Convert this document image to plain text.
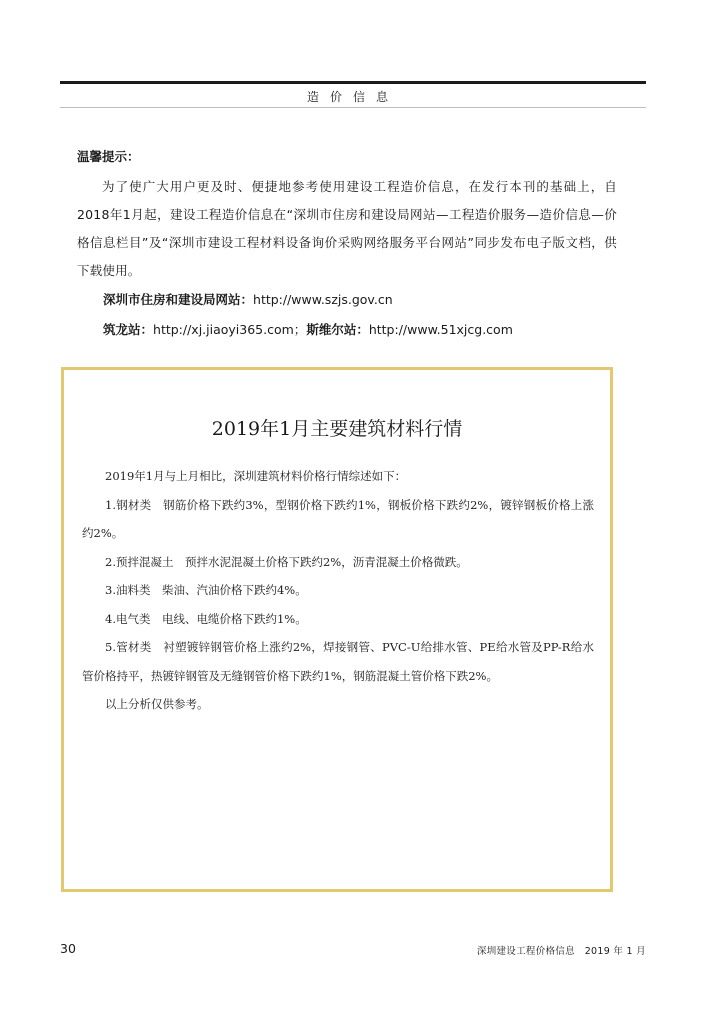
造价信息
温馨提示：
为了使广大用户更及时、便捷地参考使用建设工程造价信息，在发行本刊的基础上，自2018年1月起，建设工程造价信息在“深圳市住房和建设局网站—工程造价服务—造价信息—价格信息栏目”及“深圳市建设工程材料设备询价采购网络服务平台网站”同步发布电子版文档，供下载使用。
深圳市住房和建设局网站：http://www.szjs.gov.cn
筑龙站：http://xj.jiaoyi365.com；斯维尔站：http://www.51xjcg.com
2019年1月主要建筑材料行情

2019年1月与上月相比，深圳建筑材料价格行情综述如下：

1.钢材类　钢筋价格下跌约3%，型钢价格下跌约1%，钢板价格下跌约2%，镀锌钢板价格上涨约2%。

2.预拌混凝土　预拌水泥混凝土价格下跌约2%，沥青混凝土价格微跌。

3.油料类　柴油、汽油价格下跌约4%。

4.电气类　电线、电缆价格下跌约1%。

5.管材类　衬塑镀锌钢管价格上涨约2%，焊接钢管、PVC-U给排水管、PE给水管及PP-R给水管价格持平，热镀锌钢管及无缝钢管价格下跌约1%，钢筋混凝土管价格下跌2%。

以上分析仅供参考。

30	深圳建设工程价格信息　2019 年 1 月
